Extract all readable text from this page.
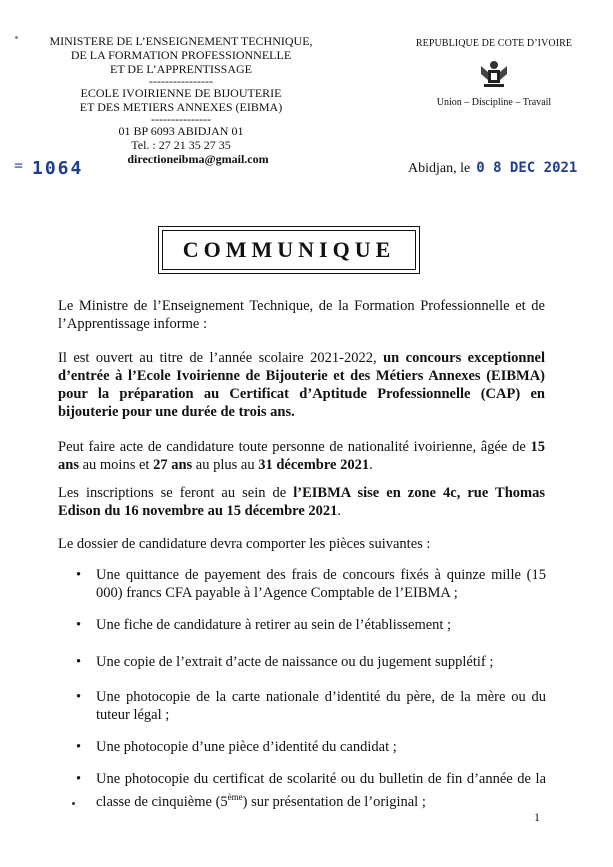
MINISTERE DE L’ENSEIGNEMENT TECHNIQUE,
DE LA FORMATION PROFESSIONNELLE
ET DE L’APPRENTISSAGE
----------------
ECOLE IVOIRIENNE DE BIJOUTERIE
ET DES METIERS ANNEXES (EIBMA)
---------------
01 BP 6093 ABIDJAN 01
Tel. : 27 21 35 27 35
directioneibma@gmail.com
REPUBLIQUE DE COTE D’IVOIRE
Union – Discipline – Travail
= 1064	Abidjan, le 0 8 DEC 2021
COMMUNIQUE
Le Ministre de l’Enseignement Technique, de la Formation Professionnelle et de l’Apprentissage informe :
Il est ouvert au titre de l’année scolaire 2021-2022, un concours exceptionnel d’entrée à l’Ecole Ivoirienne de Bijouterie et des Métiers Annexes (EIBMA) pour la préparation au Certificat d’Aptitude Professionnelle (CAP) en bijouterie pour une durée de trois ans.
Peut faire acte de candidature toute personne de nationalité ivoirienne, âgée de 15 ans au moins et 27 ans au plus au 31 décembre 2021.
Les inscriptions se feront au sein de l’EIBMA sise en zone 4c, rue Thomas Edison du 16 novembre au 15 décembre 2021.
Le dossier de candidature devra comporter les pièces suivantes :
• Une quittance de payement des frais de concours fixés à quinze mille (15 000) francs CFA payable à l’Agence Comptable de l’EIBMA ;
• Une fiche de candidature à retirer au sein de l’établissement ;
• Une copie de l’extrait d’acte de naissance ou du jugement supplétif ;
• Une photocopie de la carte nationale d’identité du père, de la mère ou du tuteur légal ;
• Une photocopie d’une pièce d’identité du candidat ;
• Une photocopie du certificat de scolarité ou du bulletin de fin d’année de la classe de cinquième (5ème) sur présentation de l’original ;
1
